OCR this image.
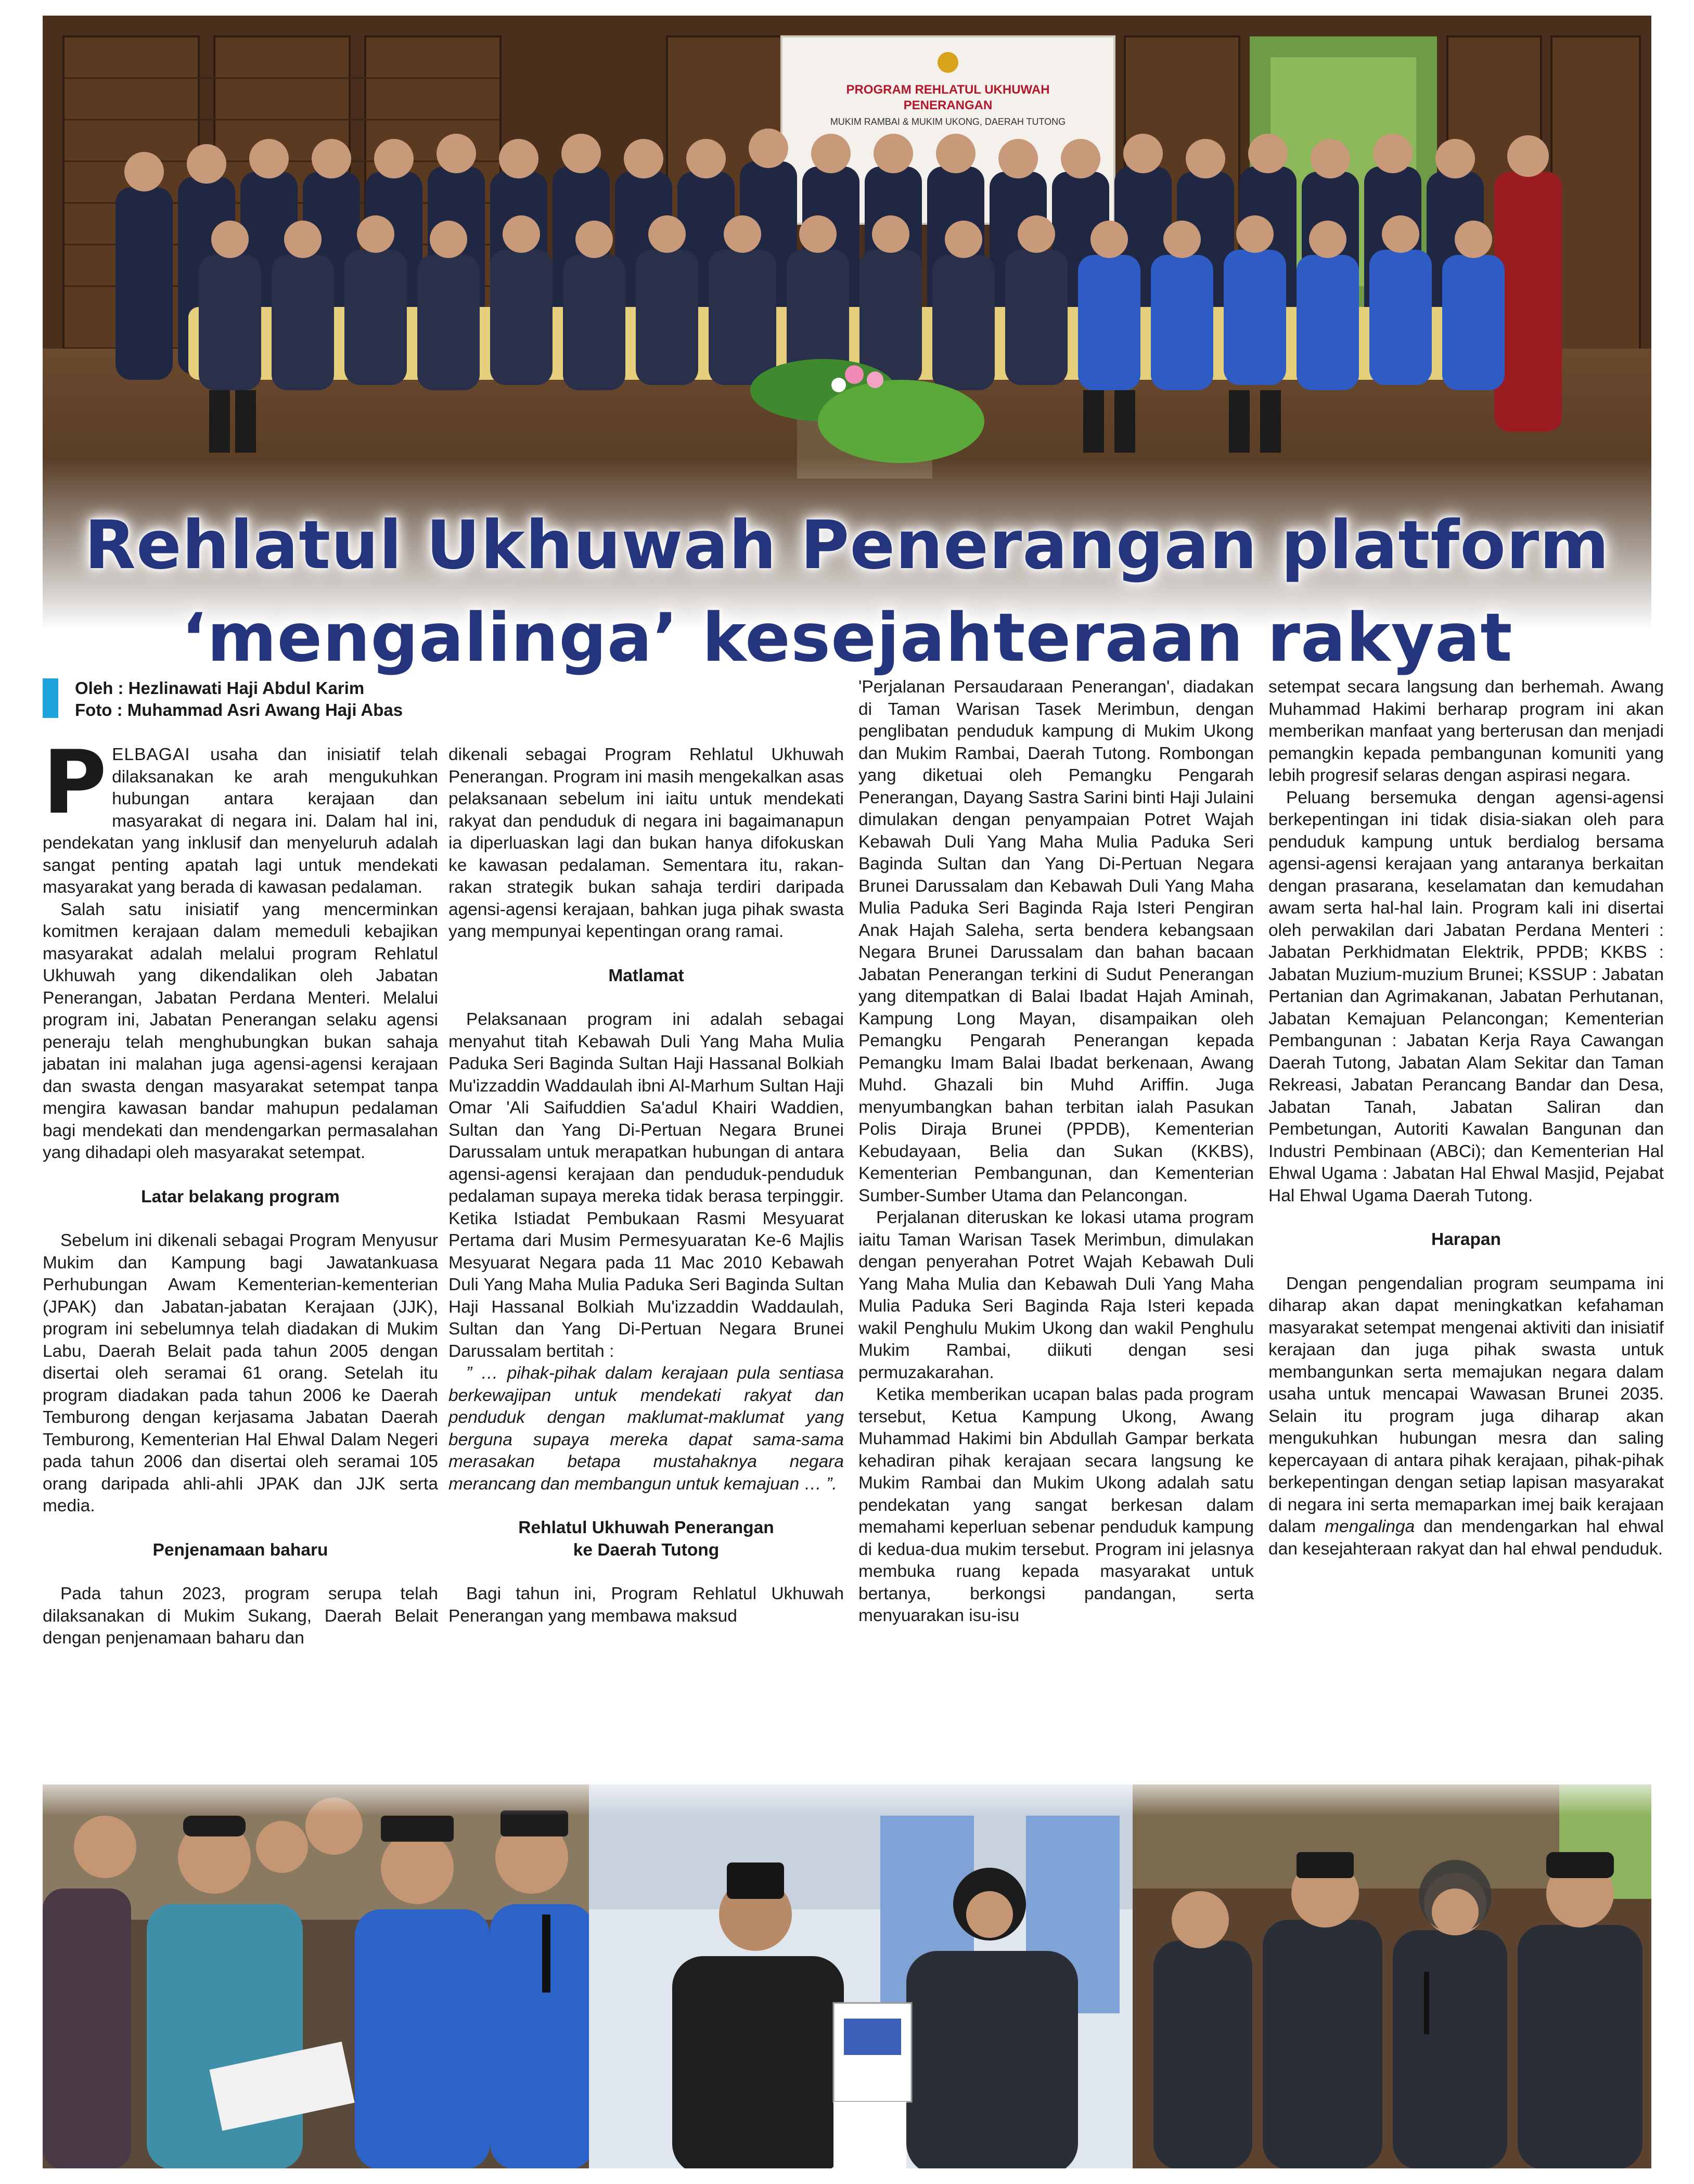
Rehlatul Ukhuwah Penerangan platform
‘mengalinga’ kesejahteraan rakyat
Oleh : Hezlinawati Haji Abdul Karim
Foto : Muhammad Asri Awang Haji Abas

PELBAGAI usaha dan inisiatif telah dilaksanakan ke arah mengukuhkan hubungan antara kerajaan dan masyarakat di negara ini. Dalam hal ini, pendekatan yang inklusif dan menyeluruh adalah sangat penting apatah lagi untuk mendekati masyarakat yang berada di kawasan pedalaman.

Salah satu inisiatif yang mencerminkan komitmen kerajaan dalam memeduli kebajikan masyarakat adalah melalui program Rehlatul Ukhuwah yang dikendalikan oleh Jabatan Penerangan, Jabatan Perdana Menteri. Melalui program ini, Jabatan Penerangan selaku agensi peneraju telah menghubungkan bukan sahaja jabatan ini malahan juga agensi-agensi kerajaan dan swasta dengan masyarakat setempat tanpa mengira kawasan bandar mahupun pedalaman bagi mendekati dan mendengarkan permasalahan yang dihadapi oleh masyarakat setempat.

Latar belakang program

Sebelum ini dikenali sebagai Program Menyusur Mukim dan Kampung bagi Jawatankuasa Perhubungan Awam Kementerian-kementerian (JPAK) dan Jabatan-jabatan Kerajaan (JJK), program ini sebelumnya telah diadakan di Mukim Labu, Daerah Belait pada tahun 2005 dengan disertai oleh seramai 61 orang. Setelah itu program diadakan pada tahun 2006 ke Daerah Temburong dengan kerjasama Jabatan Daerah Temburong, Kementerian Hal Ehwal Dalam Negeri pada tahun 2006 dan disertai oleh seramai 105 orang daripada ahli-ahli JPAK dan JJK serta media.

Penjenamaan baharu

Pada tahun 2023, program serupa telah dilaksanakan di Mukim Sukang, Daerah Belait dengan penjenamaan baharu dan

dikenali sebagai Program Rehlatul Ukhuwah Penerangan. Program ini masih mengekalkan asas pelaksanaan sebelum ini iaitu untuk mendekati rakyat dan penduduk di negara ini bagaimanapun ia diperluaskan lagi dan bukan hanya difokuskan ke kawasan pedalaman. Sementara itu, rakan-rakan strategik bukan sahaja terdiri daripada agensi-agensi kerajaan, bahkan juga pihak swasta yang mempunyai kepentingan orang ramai.

Matlamat

Pelaksanaan program ini adalah sebagai menyahut titah Kebawah Duli Yang Maha Mulia Paduka Seri Baginda Sultan Haji Hassanal Bolkiah Mu'izzaddin Waddaulah ibni Al-Marhum Sultan Haji Omar 'Ali Saifuddien Sa'adul Khairi Waddien, Sultan dan Yang Di-Pertuan Negara Brunei Darussalam untuk merapatkan hubungan di antara agensi-agensi kerajaan dan penduduk-penduduk pedalaman supaya mereka tidak berasa terpinggir. Ketika Istiadat Pembukaan Rasmi Mesyuarat Pertama dari Musim Permesyuaratan Ke-6 Majlis Mesyuarat Negara pada 11 Mac 2010 Kebawah Duli Yang Maha Mulia Paduka Seri Baginda Sultan Haji Hassanal Bolkiah Mu'izzaddin Waddaulah, Sultan dan Yang Di-Pertuan Negara Brunei Darussalam bertitah :

” … pihak-pihak dalam kerajaan pula sentiasa berkewajipan untuk mendekati rakyat dan penduduk dengan maklumat-maklumat yang berguna supaya mereka dapat sama-sama merasakan betapa mustahaknya negara merancang dan membangun untuk kemajuan … ”.

Rehlatul Ukhuwah Penerangan
ke Daerah Tutong

Bagi tahun ini, Program Rehlatul Ukhuwah Penerangan yang membawa maksud

'Perjalanan Persaudaraan Penerangan', diadakan di Taman Warisan Tasek Merimbun, dengan penglibatan penduduk kampung di Mukim Ukong dan Mukim Rambai, Daerah Tutong. Rombongan yang diketuai oleh Pemangku Pengarah Penerangan, Dayang Sastra Sarini binti Haji Julaini dimulakan dengan penyampaian Potret Wajah Kebawah Duli Yang Maha Mulia Paduka Seri Baginda Sultan dan Yang Di-Pertuan Negara Brunei Darussalam dan Kebawah Duli Yang Maha Mulia Paduka Seri Baginda Raja Isteri Pengiran Anak Hajah Saleha, serta bendera kebangsaan Negara Brunei Darussalam dan bahan bacaan Jabatan Penerangan terkini di Sudut Penerangan yang ditempatkan di Balai Ibadat Hajah Aminah, Kampung Long Mayan, disampaikan oleh Pemangku Pengarah Penerangan kepada Pemangku Imam Balai Ibadat berkenaan, Awang Muhd. Ghazali bin Muhd Ariffin. Juga menyumbangkan bahan terbitan ialah Pasukan Polis Diraja Brunei (PPDB), Kementerian Kebudayaan, Belia dan Sukan (KKBS), Kementerian Pembangunan, dan Kementerian Sumber-Sumber Utama dan Pelancongan.

Perjalanan diteruskan ke lokasi utama program iaitu Taman Warisan Tasek Merimbun, dimulakan dengan penyerahan Potret Wajah Kebawah Duli Yang Maha Mulia dan Kebawah Duli Yang Maha Mulia Paduka Seri Baginda Raja Isteri kepada wakil Penghulu Mukim Ukong dan wakil Penghulu Mukim Rambai, diikuti dengan sesi permuzakarahan.

Ketika memberikan ucapan balas pada program tersebut, Ketua Kampung Ukong, Awang Muhammad Hakimi bin Abdullah Gampar berkata kehadiran pihak kerajaan secara langsung ke Mukim Rambai dan Mukim Ukong adalah satu pendekatan yang sangat berkesan dalam memahami keperluan sebenar penduduk kampung di kedua-dua mukim tersebut. Program ini jelasnya membuka ruang kepada masyarakat untuk bertanya, berkongsi pandangan, serta menyuarakan isu-isu

setempat secara langsung dan berhemah. Awang Muhammad Hakimi berharap program ini akan memberikan manfaat yang berterusan dan menjadi pemangkin kepada pembangunan komuniti yang lebih progresif selaras dengan aspirasi negara.

Peluang bersemuka dengan agensi-agensi berkepentingan ini tidak disia-siakan oleh para penduduk kampung untuk berdialog bersama agensi-agensi kerajaan yang antaranya berkaitan dengan prasarana, keselamatan dan kemudahan awam serta hal-hal lain. Program kali ini disertai oleh perwakilan dari Jabatan Perdana Menteri : Jabatan Perkhidmatan Elektrik, PPDB; KKBS : Jabatan Muzium-muzium Brunei; KSSUP : Jabatan Pertanian dan Agrimakanan, Jabatan Perhutanan, Jabatan Kemajuan Pelancongan; Kementerian Pembangunan : Jabatan Kerja Raya Cawangan Daerah Tutong, Jabatan Alam Sekitar dan Taman Rekreasi, Jabatan Perancang Bandar dan Desa, Jabatan Tanah, Jabatan Saliran dan Pembetungan, Autoriti Kawalan Bangunan dan Industri Pembinaan (ABCi); dan Kementerian Hal Ehwal Ugama : Jabatan Hal Ehwal Masjid, Pejabat Hal Ehwal Ugama Daerah Tutong.

Harapan

Dengan pengendalian program seumpama ini diharap akan dapat meningkatkan kefahaman masyarakat setempat mengenai aktiviti dan inisiatif kerajaan dan juga pihak swasta untuk membangunkan serta memajukan negara dalam usaha untuk mencapai Wawasan Brunei 2035. Selain itu program juga diharap akan mengukuhkan hubungan mesra dan saling kepercayaan di antara pihak kerajaan, pihak-pihak berkepentingan dengan setiap lapisan masyarakat di negara ini serta memaparkan imej baik kerajaan dalam mengalinga dan mendengarkan hal ehwal dan kesejahteraan rakyat dan hal ehwal penduduk.
